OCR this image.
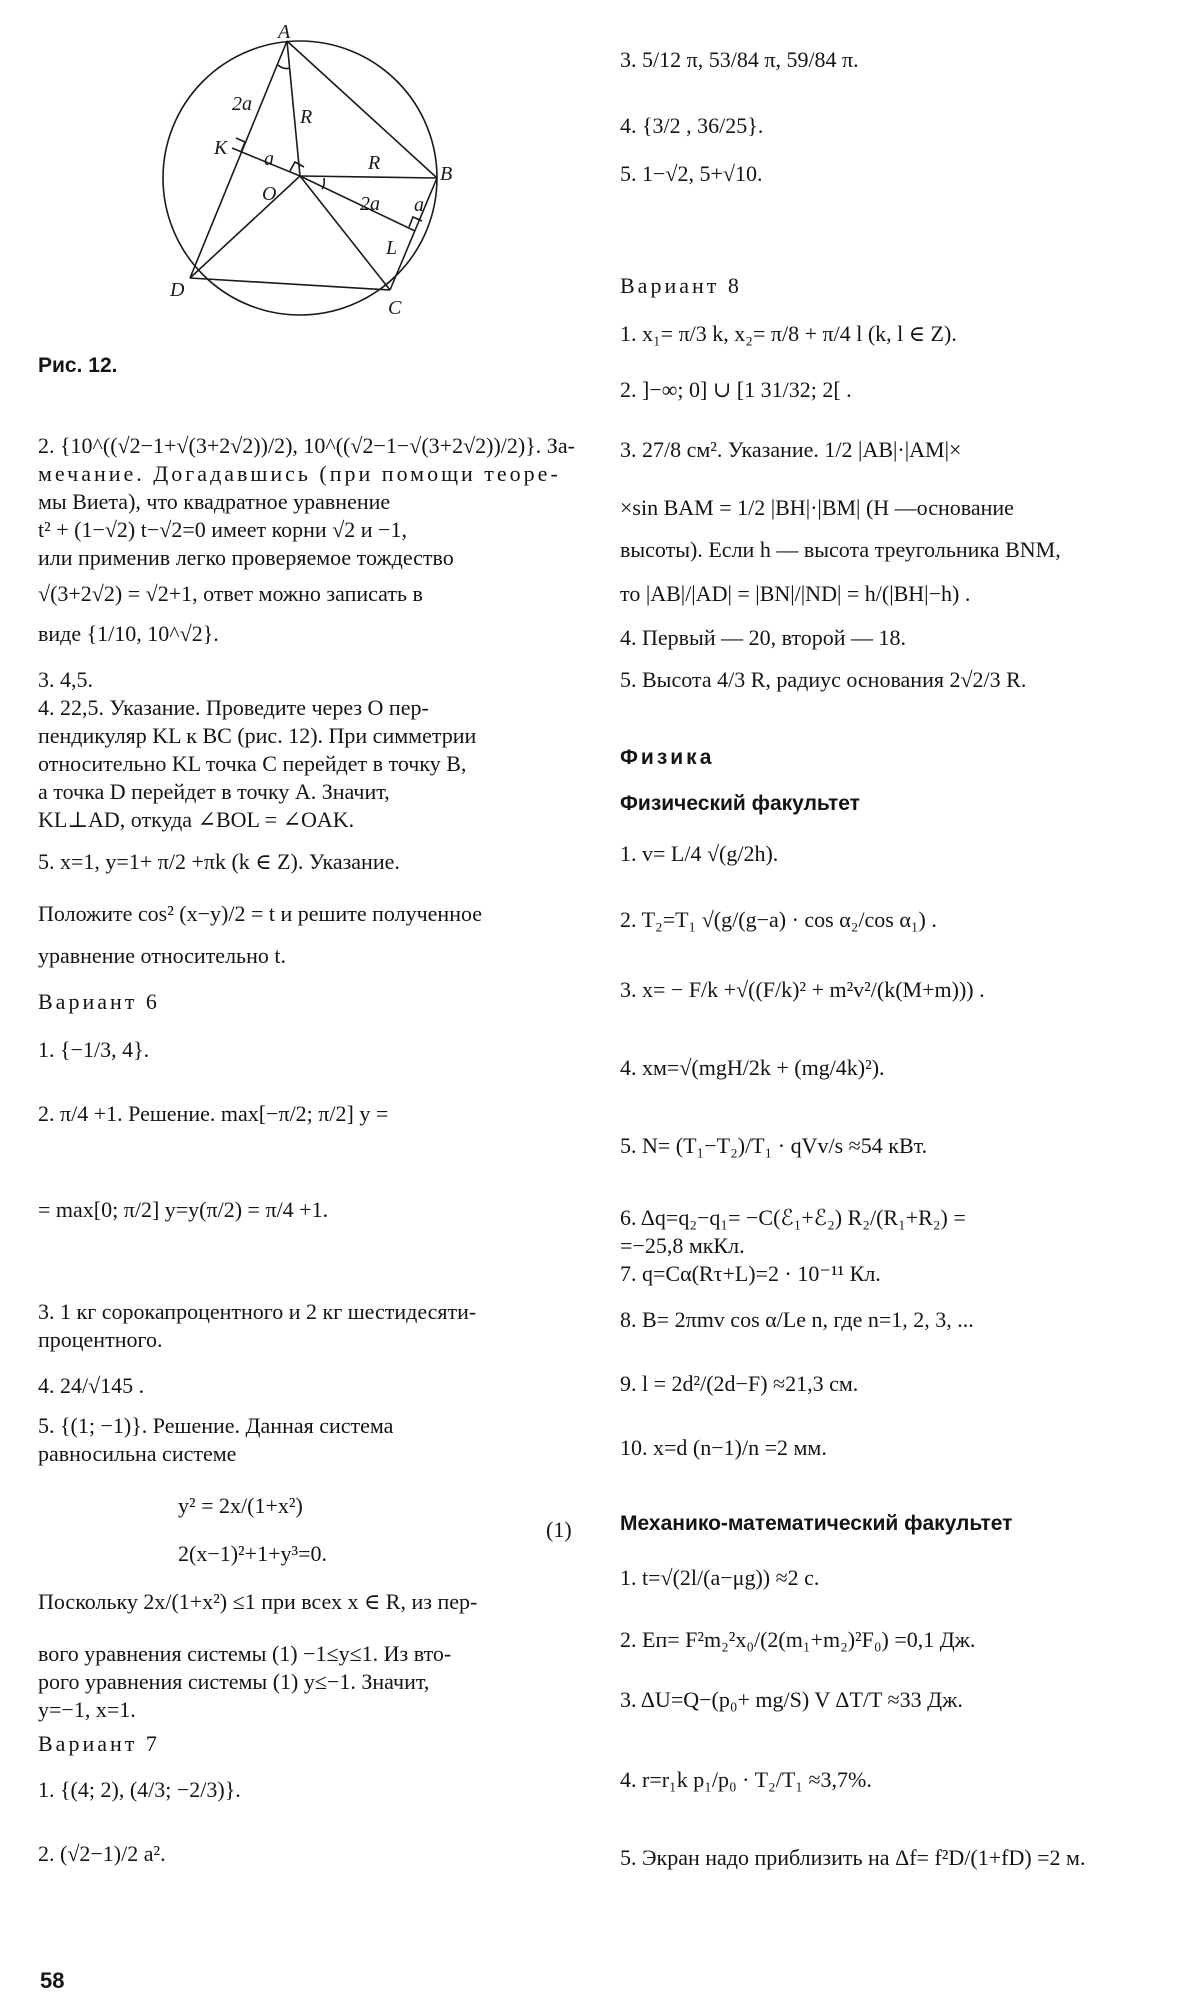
A
B
C
D
K
L
O
2a
R
a	R
2a a
Рис. 12.
2. {10^((√2−1+√(3+2√2))/2), 10^((√2−1−√(3+2√2))/2)}. За-
мечание. Догадавшись (при помощи теоре-
мы Виета), что квадратное уравнение
t² + (1−√2) t−√2=0 имеет корни √2 и −1,
или применив легко проверяемое тождество
√(3+2√2) = √2+1, ответ можно записать в
виде {1/10, 10^√2}.
3. 4,5.
4. 22,5. Указание. Проведите через O пер-
пендикуляр KL к BC (рис. 12). При симметрии
относительно KL точка C перейдет в точку B,
а точка D перейдет в точку A. Значит,
KL⊥AD, откуда ∠BOL = ∠OAK.
5. x=1, y=1+ π/2 +πk (k ∈ Z). Указание.
Положите cos² (x−y)/2 = t и решите полученное
уравнение относительно t.
Вариант 6
1. {−1/3, 4}.
2. π/4 +1. Решение. max[−π/2; π/2] y =
= max[0; π/2] y=y(π/2) = π/4 +1.
3. 1 кг сорокапроцентного и 2 кг шестидесяти-
процентного.
4. 24/√145 .
5. {(1; −1)}. Решение. Данная система
равносильна системе
y² = 2x/(1+x²)
2(x−1)²+1+y³=0.
(1)
Поскольку 2x/(1+x²) ≤1 при всех x ∈ R, из пер-
вого уравнения системы (1) −1≤y≤1. Из вто-
рого уравнения системы (1) y≤−1. Значит,
y=−1, x=1.
Вариант 7
1. {(4; 2), (4/3; −2/3)}.
2. (√2−1)/2 a².
3. 5/12 π, 53/84 π, 59/84 π.
4. {3/2 , 36/25}.
5. 1−√2, 5+√10.
Вариант 8
1. x₁= π/3 k, x₂= π/8 + π/4 l (k, l ∈ Z).
2. ]−∞; 0] ∪ [1 31/32; 2[ .
3. 27/8 см². Указание. 1/2 |AB|·|AM|×
×sin BAM = 1/2 |BH|·|BM| (H —основание
высоты). Если h — высота треугольника BNM,
то |AB|/|AD| = |BN|/|ND| = h/(|BH|−h) .
4. Первый — 20, второй — 18.
5. Высота 4/3 R, радиус основания 2√2/3 R.
Физика
Физический факультет
1. v= L/4 √(g/2h).
2. T₂=T₁ √(g/(g−a) · cos α₂/cos α₁) .
3. x= − F/k +√((F/k)² + m²v²/(k(M+m))) .
4. xм=√(mgH/2k + (mg/4k)²).
5. N= (T₁−T₂)/T₁ · qVv/s ≈54 кВт.
6. Δq=q₂−q₁= −C(ℰ₁+ℰ₂) R₂/(R₁+R₂) =
=−25,8 мкКл.
7. q=Cα(Rτ+L)=2 · 10⁻¹¹ Кл.
8. B= 2πmv cos α/Le n, где n=1, 2, 3, ...
9. l = 2d²/(2d−F) ≈21,3 см.
10. x=d (n−1)/n =2 мм.
Механико-математический факультет
1. t=√(2l/(a−μg)) ≈2 с.
2. Eп= F²m₂²x₀/(2(m₁+m₂)²F₀) =0,1 Дж.
3. ΔU=Q−(p₀+ mg/S) V ΔT/T ≈33 Дж.
4. r=r₁k p₁/p₀ · T₂/T₁ ≈3,7%.
5. Экран надо приблизить на Δf= f²D/(1+fD) =2 м.
58
